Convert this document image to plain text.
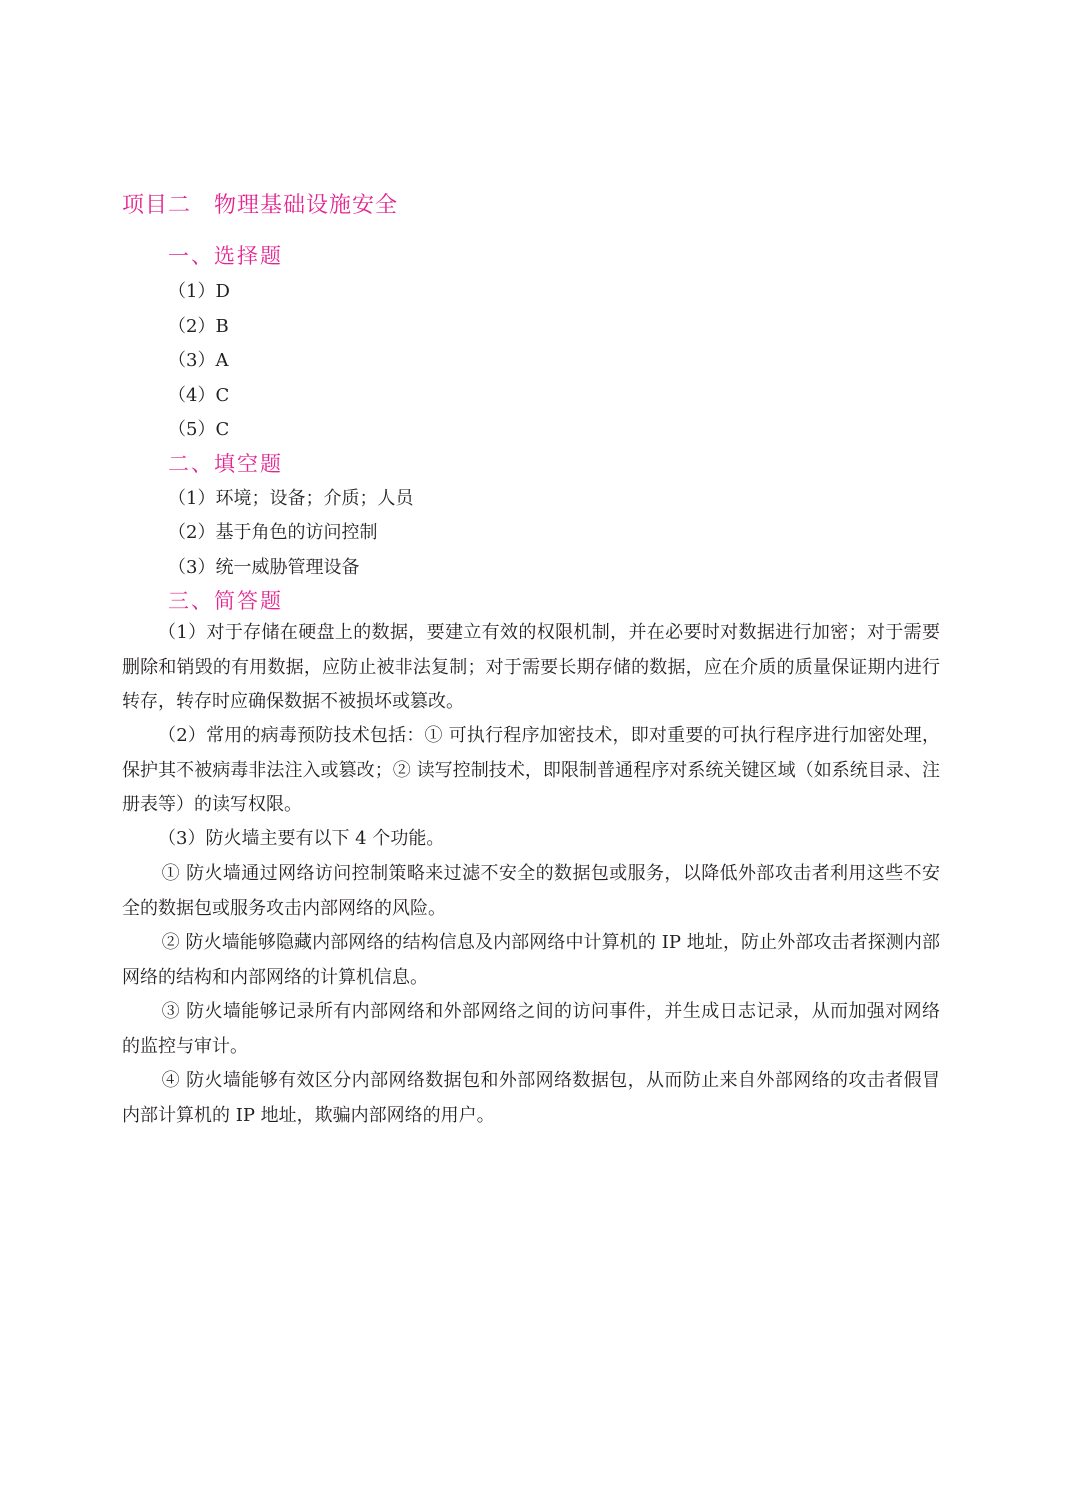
项目二　物理基础设施安全
一、选择题
（1）D
（2）B
（3）A
（4）C
（5）C
二、填空题
（1）环境；设备；介质；人员
（2）基于角色的访问控制
（3）统一威胁管理设备
三、简答题
（1）对于存储在硬盘上的数据，要建立有效的权限机制，并在必要时对数据进行加密；对于需要删除和销毁的有用数据，应防止被非法复制；对于需要长期存储的数据，应在介质的质量保证期内进行转存，转存时应确保数据不被损坏或篡改。
（2）常用的病毒预防技术包括：① 可执行程序加密技术，即对重要的可执行程序进行加密处理，保护其不被病毒非法注入或篡改；② 读写控制技术，即限制普通程序对系统关键区域（如系统目录、注册表等）的读写权限。
（3）防火墙主要有以下 4 个功能。
① 防火墙通过网络访问控制策略来过滤不安全的数据包或服务，以降低外部攻击者利用这些不安全的数据包或服务攻击内部网络的风险。
② 防火墙能够隐藏内部网络的结构信息及内部网络中计算机的 IP 地址，防止外部攻击者探测内部网络的结构和内部网络的计算机信息。
③ 防火墙能够记录所有内部网络和外部网络之间的访问事件，并生成日志记录，从而加强对网络的监控与审计。
④ 防火墙能够有效区分内部网络数据包和外部网络数据包，从而防止来自外部网络的攻击者假冒内部计算机的 IP 地址，欺骗内部网络的用户。
